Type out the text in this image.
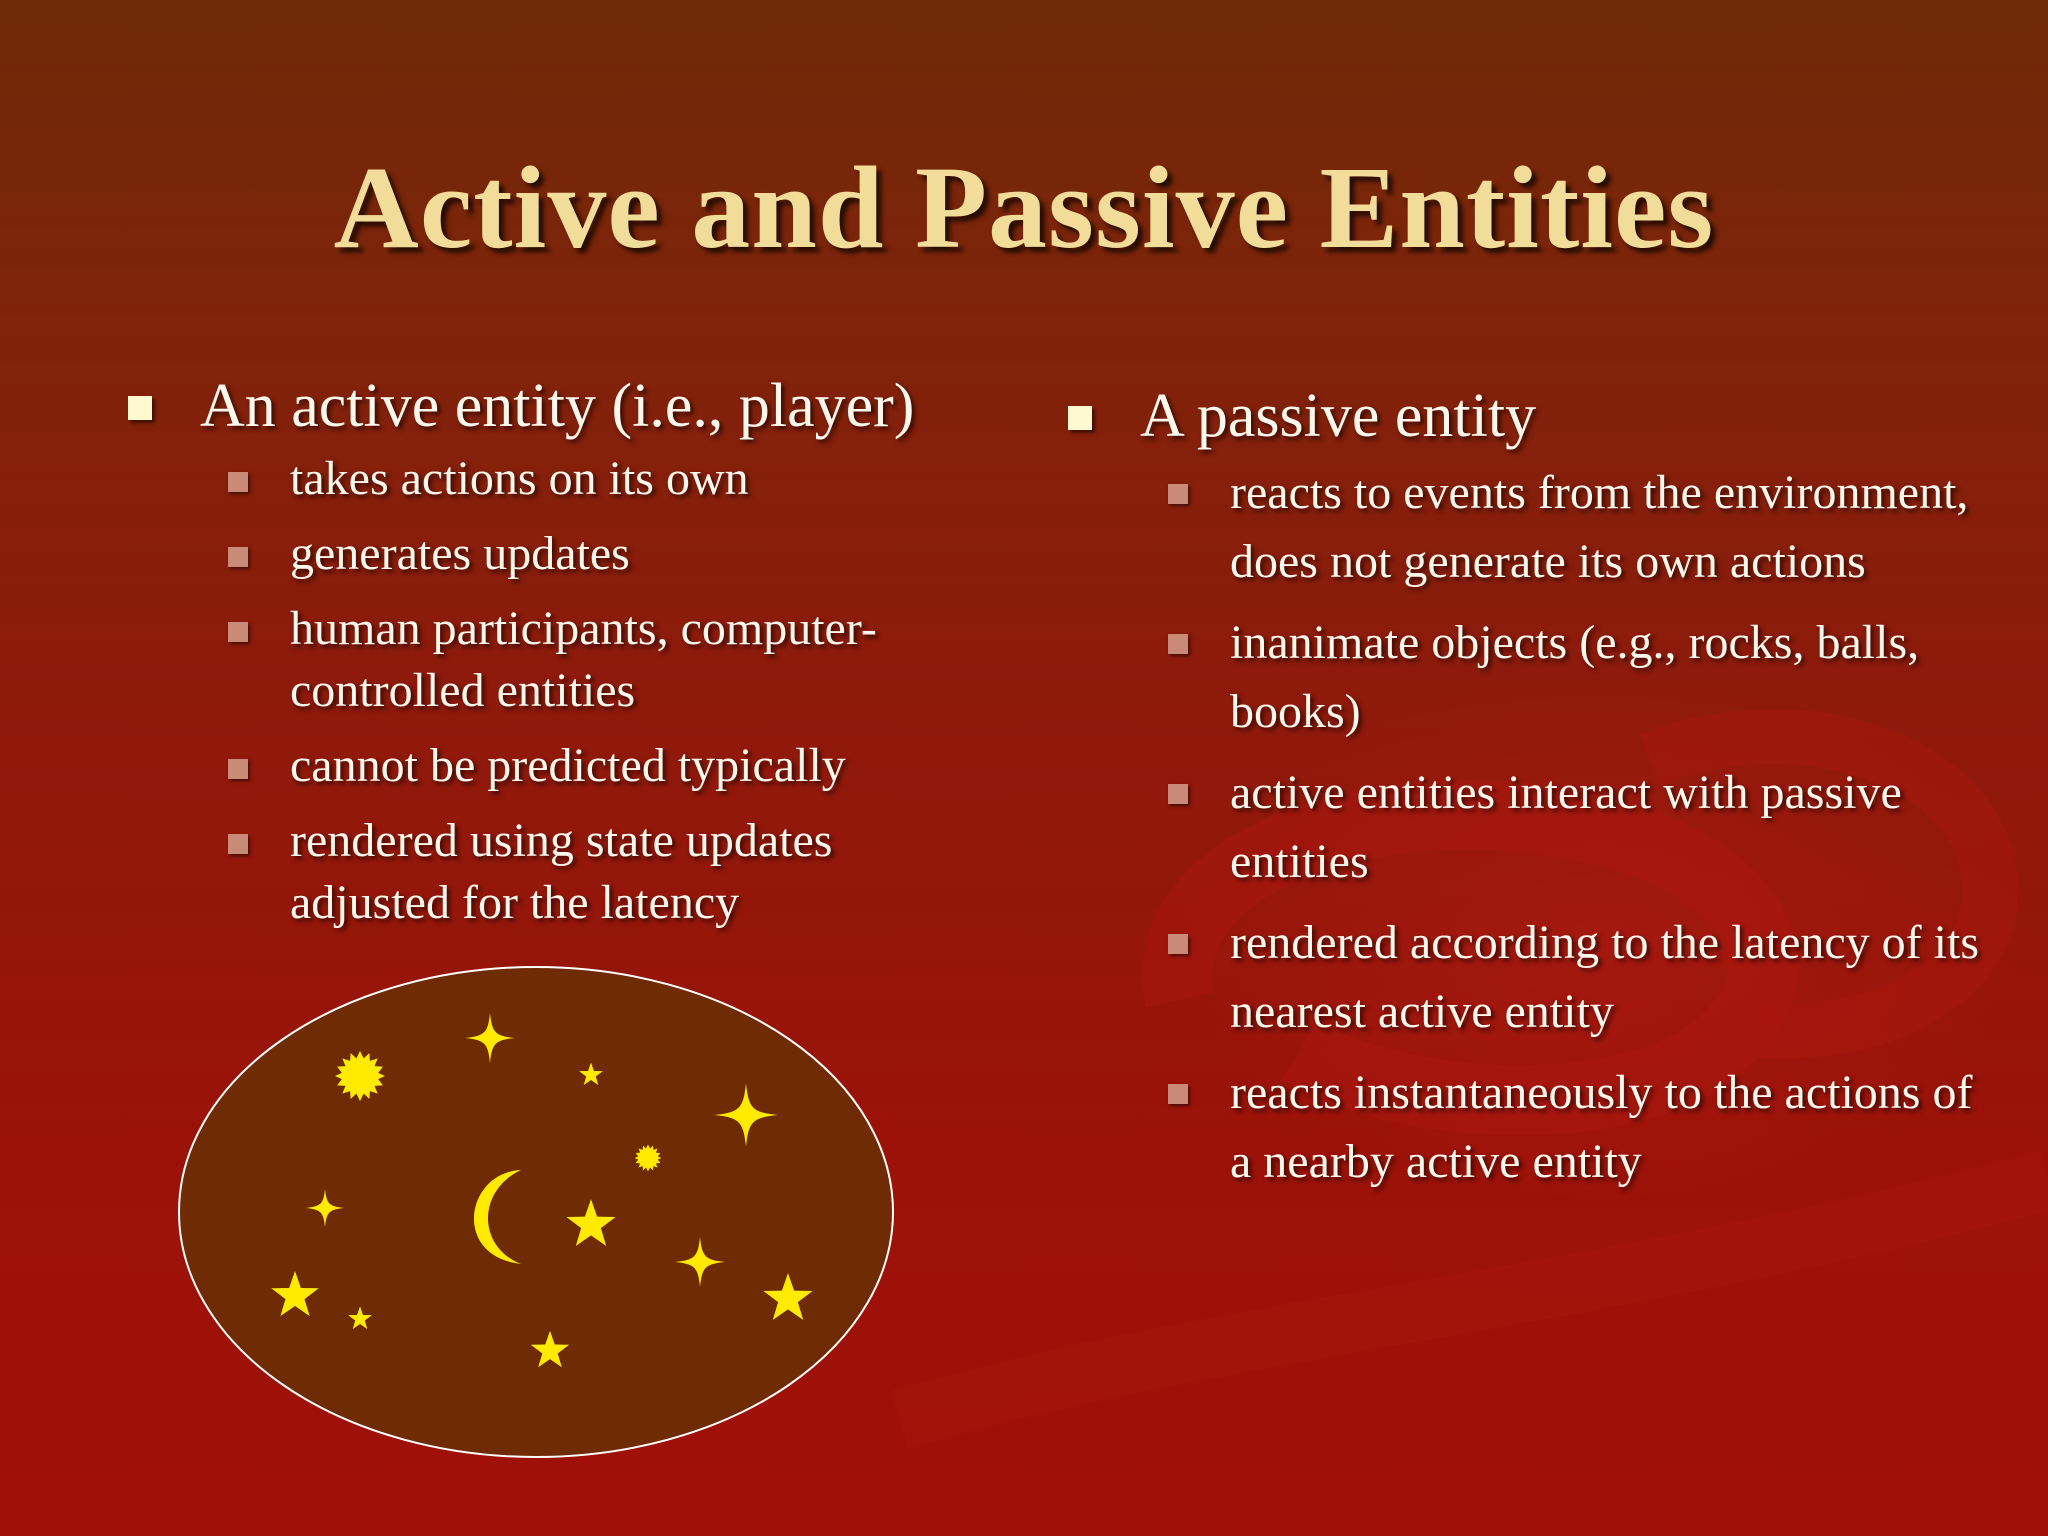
Active and Passive Entities
An active entity (i.e., player)
takes actions on its own
generates updates
human participants, computer-controlled entities
cannot be predicted typically
rendered using state updates adjusted for the latency
A passive entity
reacts to events from the environment, does not generate its own actions
inanimate objects (e.g., rocks, balls, books)
active entities interact with passive entities
rendered according to the latency of its nearest active entity
reacts instantaneously to the actions of a nearby active entity
